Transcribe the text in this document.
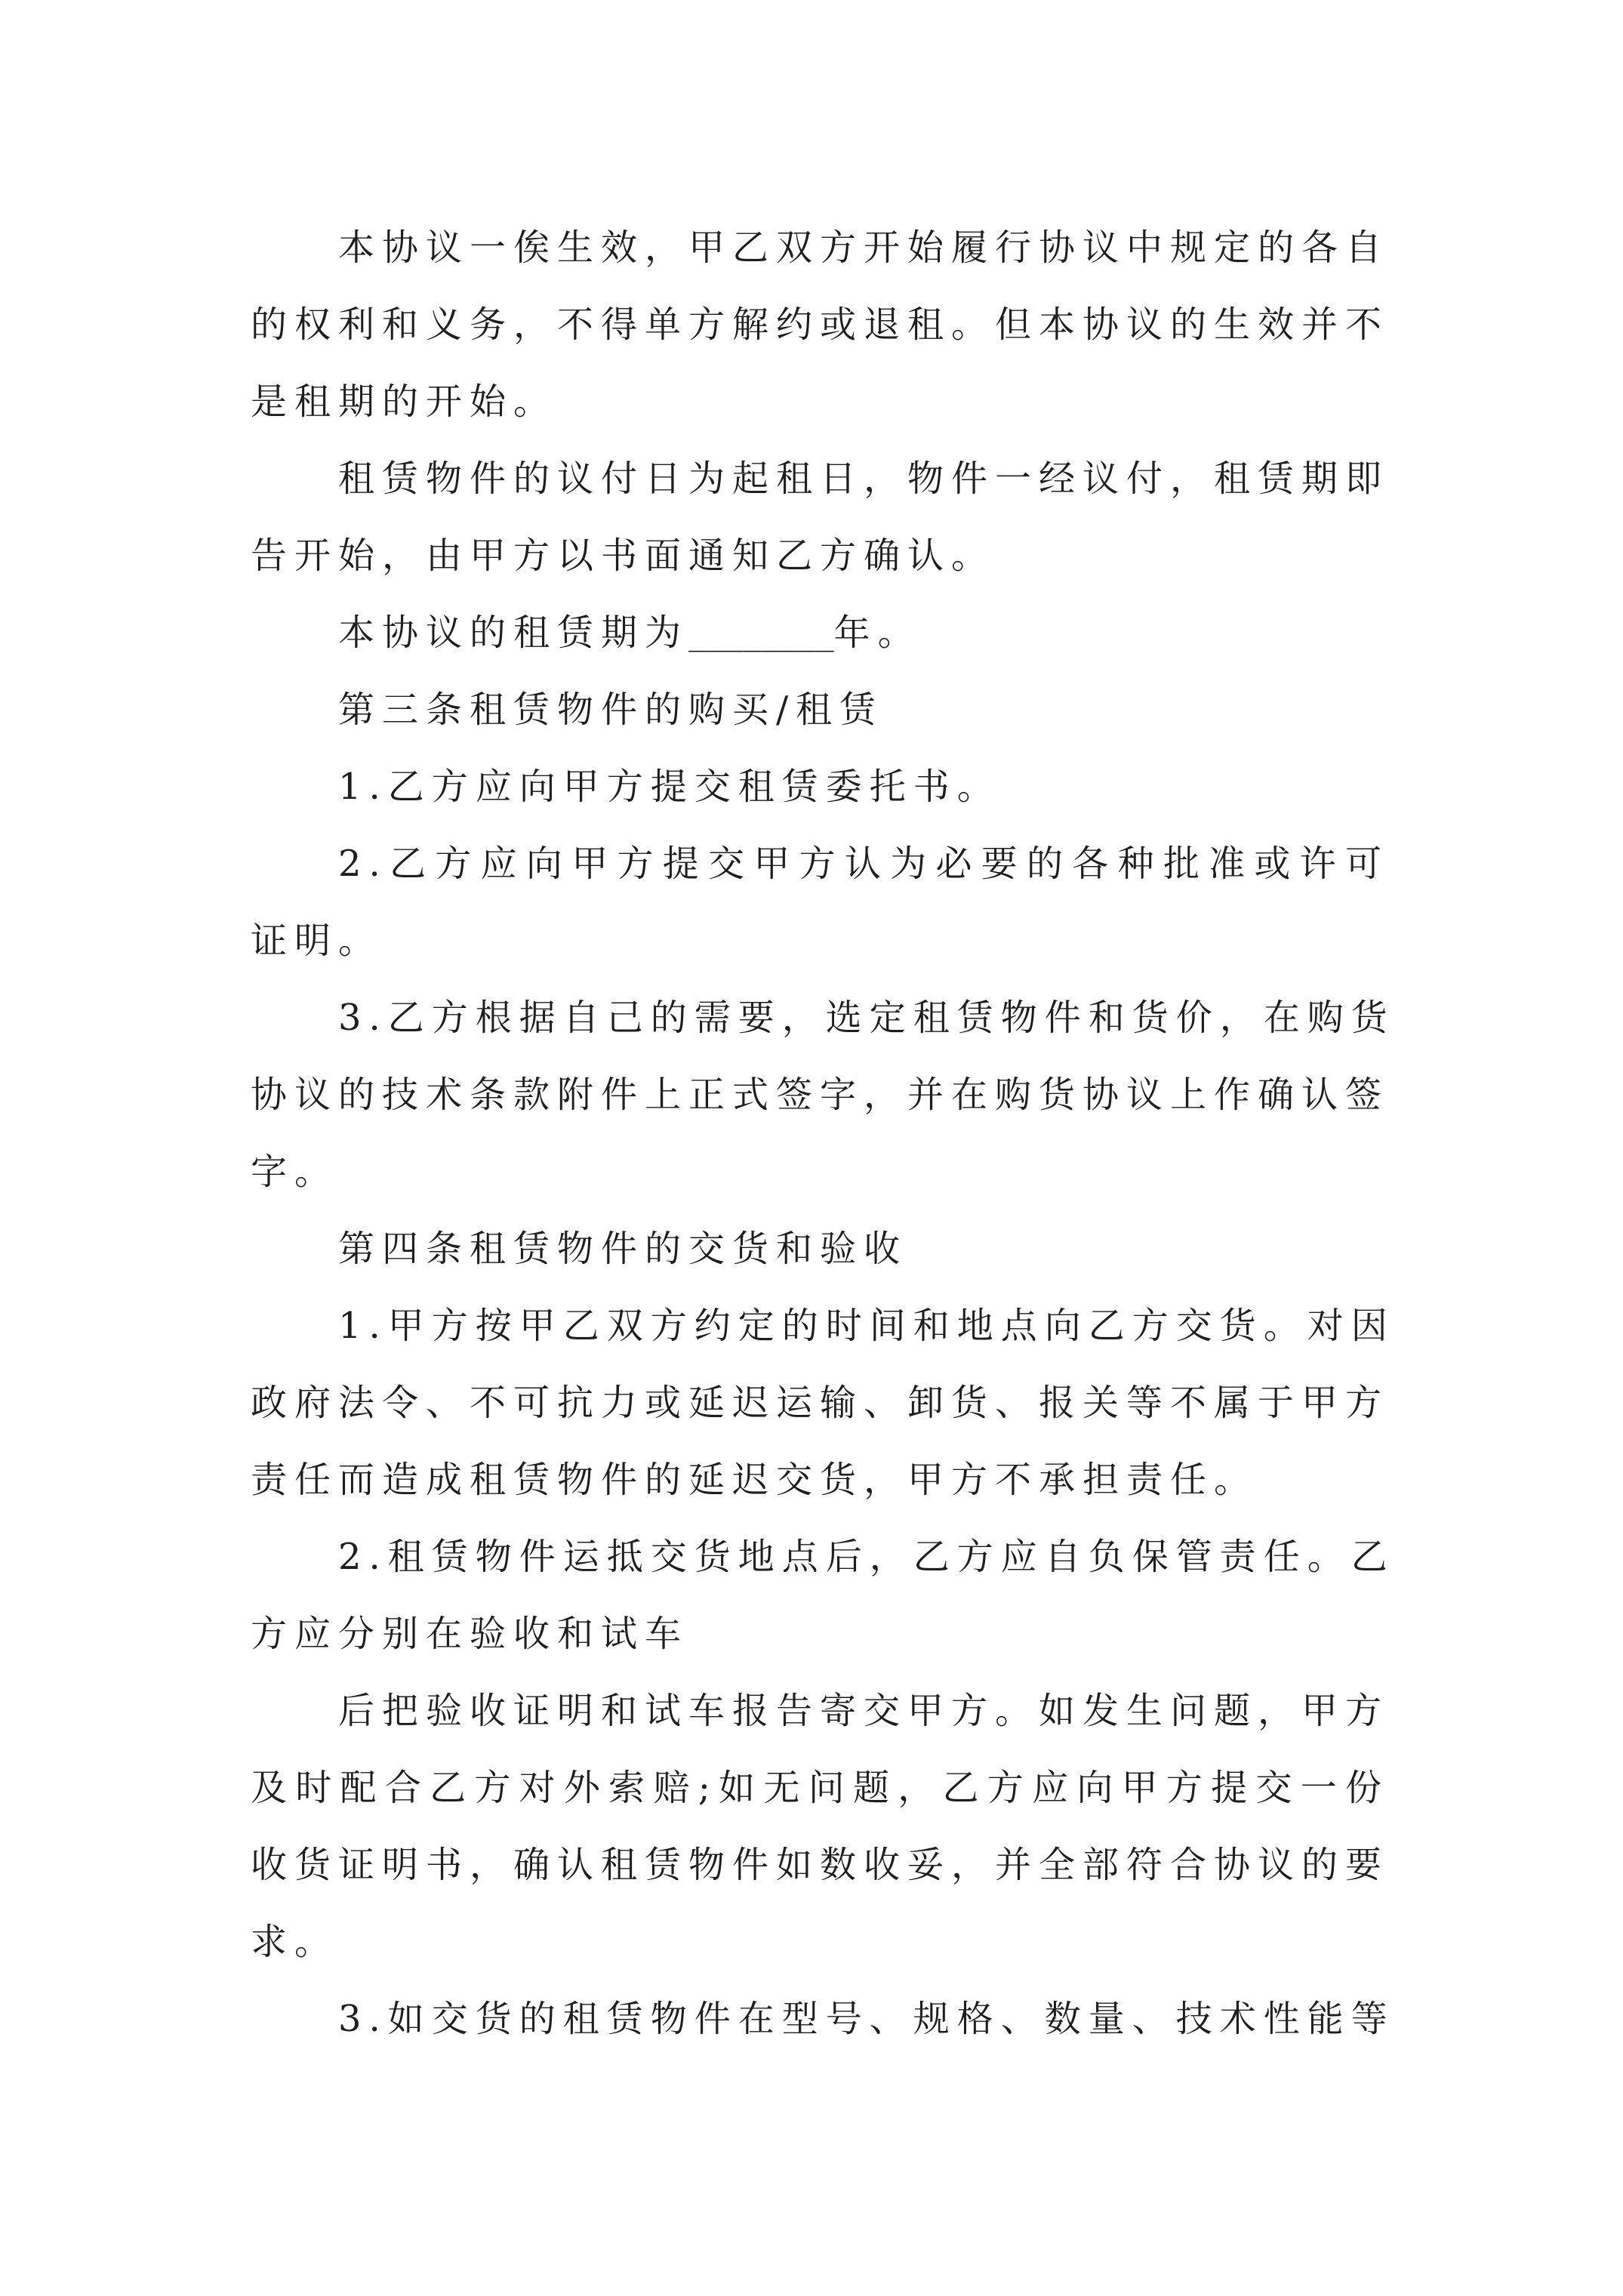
本协议一俟生效，甲乙双方开始履行协议中规定的各自
的权利和义务，不得单方解约或退租。但本协议的生效并不
是租期的开始。
租赁物件的议付日为起租日，物件一经议付，租赁期即
告开始，由甲方以书面通知乙方确认。
本协议的租赁期为________年。
第三条租赁物件的购买/租赁
1.乙方应向甲方提交租赁委托书。
2.乙方应向甲方提交甲方认为必要的各种批准或许可
证明。
3.乙方根据自己的需要，选定租赁物件和货价，在购货
协议的技术条款附件上正式签字，并在购货协议上作确认签
字。
第四条租赁物件的交货和验收
1.甲方按甲乙双方约定的时间和地点向乙方交货。对因
政府法令、不可抗力或延迟运输、卸货、报关等不属于甲方
责任而造成租赁物件的延迟交货，甲方不承担责任。
2.租赁物件运抵交货地点后，乙方应自负保管责任。乙
方应分别在验收和试车
后把验收证明和试车报告寄交甲方。如发生问题，甲方
及时配合乙方对外索赔;如无问题，乙方应向甲方提交一份
收货证明书，确认租赁物件如数收妥，并全部符合协议的要
求。
3.如交货的租赁物件在型号、规格、数量、技术性能等
